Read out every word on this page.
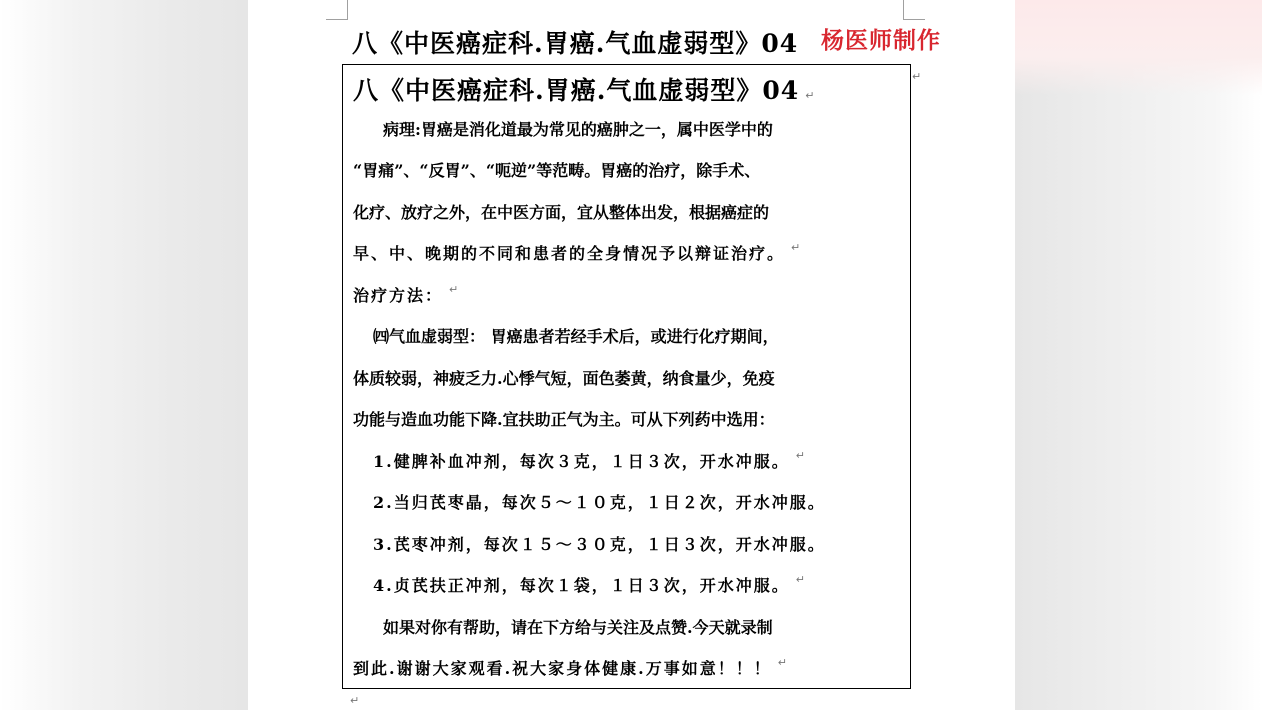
八《中医癌症科.胃癌.气血虚弱型》04 杨医师制作
八《中医癌症科.胃癌.气血虚弱型》04 ↵
病理:胃癌是消化道最为常见的癌肿之一，属中医学中的
“胃痛”、“反胃”、“呃逆”等范畴。胃癌的治疗，除手术、
化疗、放疗之外，在中医方面，宜从整体出发，根据癌症的
早、中、晚期的不同和患者的全身情况予以辩证治疗。 ↵
治疗方法： ↵
㈣气血虚弱型： 胃癌患者若经手术后，或进行化疗期间，
体质较弱，神疲乏力.心悸气短，面色萎黄，纳食量少，免疫
功能与造血功能下降.宜扶助正气为主。可从下列药中选用：
1.健脾补血冲剂，每次３克，１日３次，开水冲服。 ↵
2.当归芪枣晶，每次５～１０克，１日２次，开水冲服。
3.芪枣冲剂，每次１５～３０克，１日３次，开水冲服。
4.贞芪扶正冲剂，每次１袋，１日３次，开水冲服。 ↵
如果对你有帮助，请在下方给与关注及点赞.今天就录制
到此.谢谢大家观看.祝大家身体健康.万事如意！！！ ↵
↵
↵
